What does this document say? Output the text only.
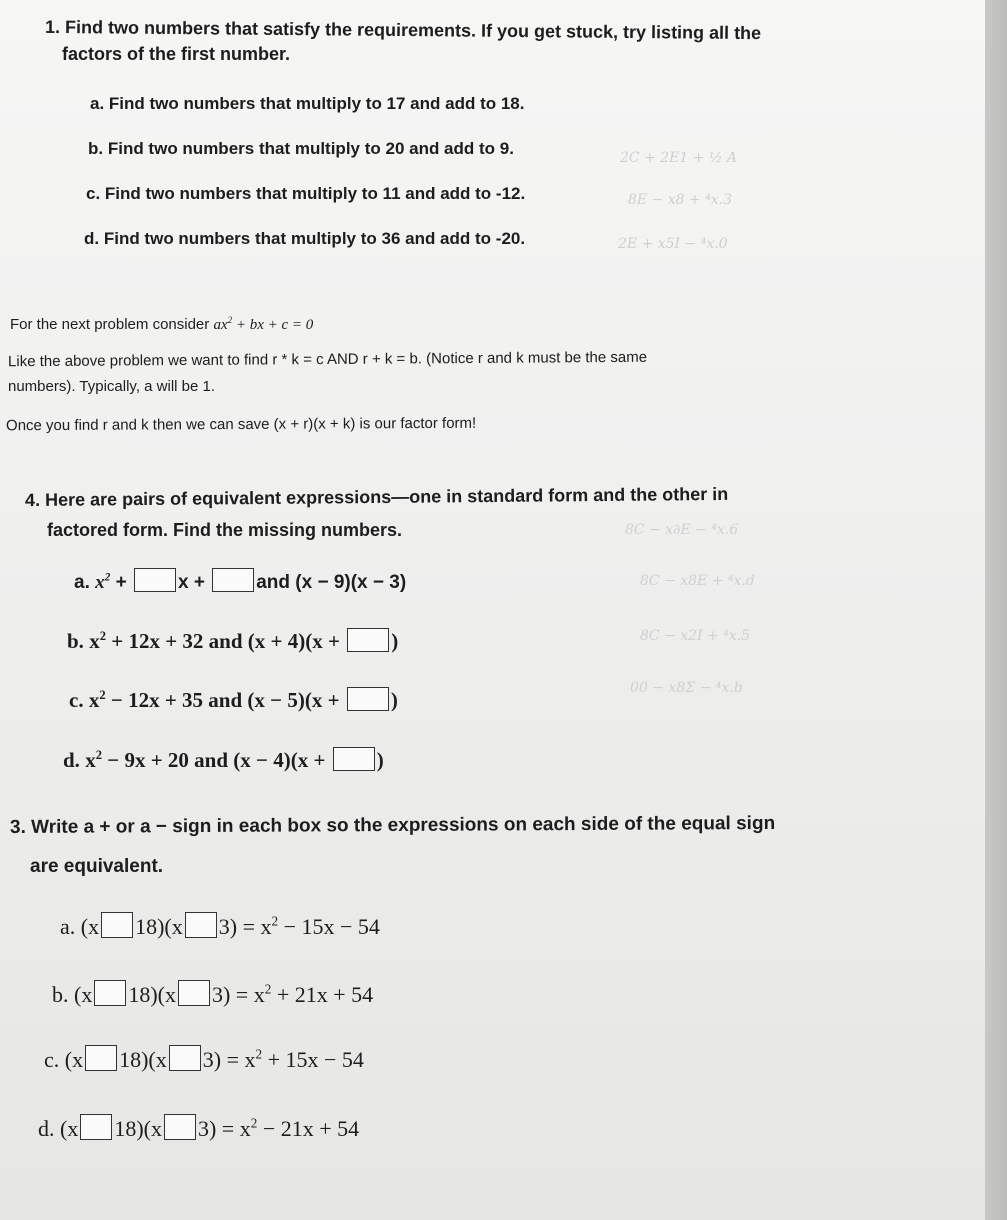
2C + 2E1 + ½ A
8E − x8 + ⁴x.3
2E + x5I − ⁴x.0
8C − x∂E − ⁴x.6
8C − x8E + ⁴x.d
8C − x2I + ⁴x.5
00 − x8Σ − ⁴x.b
1. Find two numbers that satisfy the requirements. If you get stuck, try listing all the
factors of the first number.
a. Find two numbers that multiply to 17 and add to 18.
b. Find two numbers that multiply to 20 and add to 9.
c. Find two numbers that multiply to 11 and add to -12.
d. Find two numbers that multiply to 36 and add to -20.
For the next problem consider $ax^2$ + bx + c = 0
Like the above problem we want to find r * k = c AND r + k = b. (Notice r and k must be the same
numbers). Typically, a will be 1.
Once you find r and k then we can save (x + r)(x + k) is our factor form!
4. Here are pairs of equivalent expressions—one in standard form and the other in
factored form. Find the missing numbers.
a. $x^2 + x$ + and (x − 9)(x − 3)
b. $x^2 + 12x + 32$ and (x + 4)(x + )
c. $x^2 - 12x + 35$ and (x − 5)(x + )
d. $x^2 - 9x + 20$ and (x − 4)(x + )
3. Write a + or a − sign in each box so the expressions on each side of the equal sign
are equivalent.
a. (x 18)(x $3) = x^2 - 15x - 54$
b. (x 18)(x $3) = x^2 + 21x + 54$
c. (x 18)(x $3) = x^2 + 15x - 54$
d. (x 18)(x $3) = x^2 - 21x + 54$
